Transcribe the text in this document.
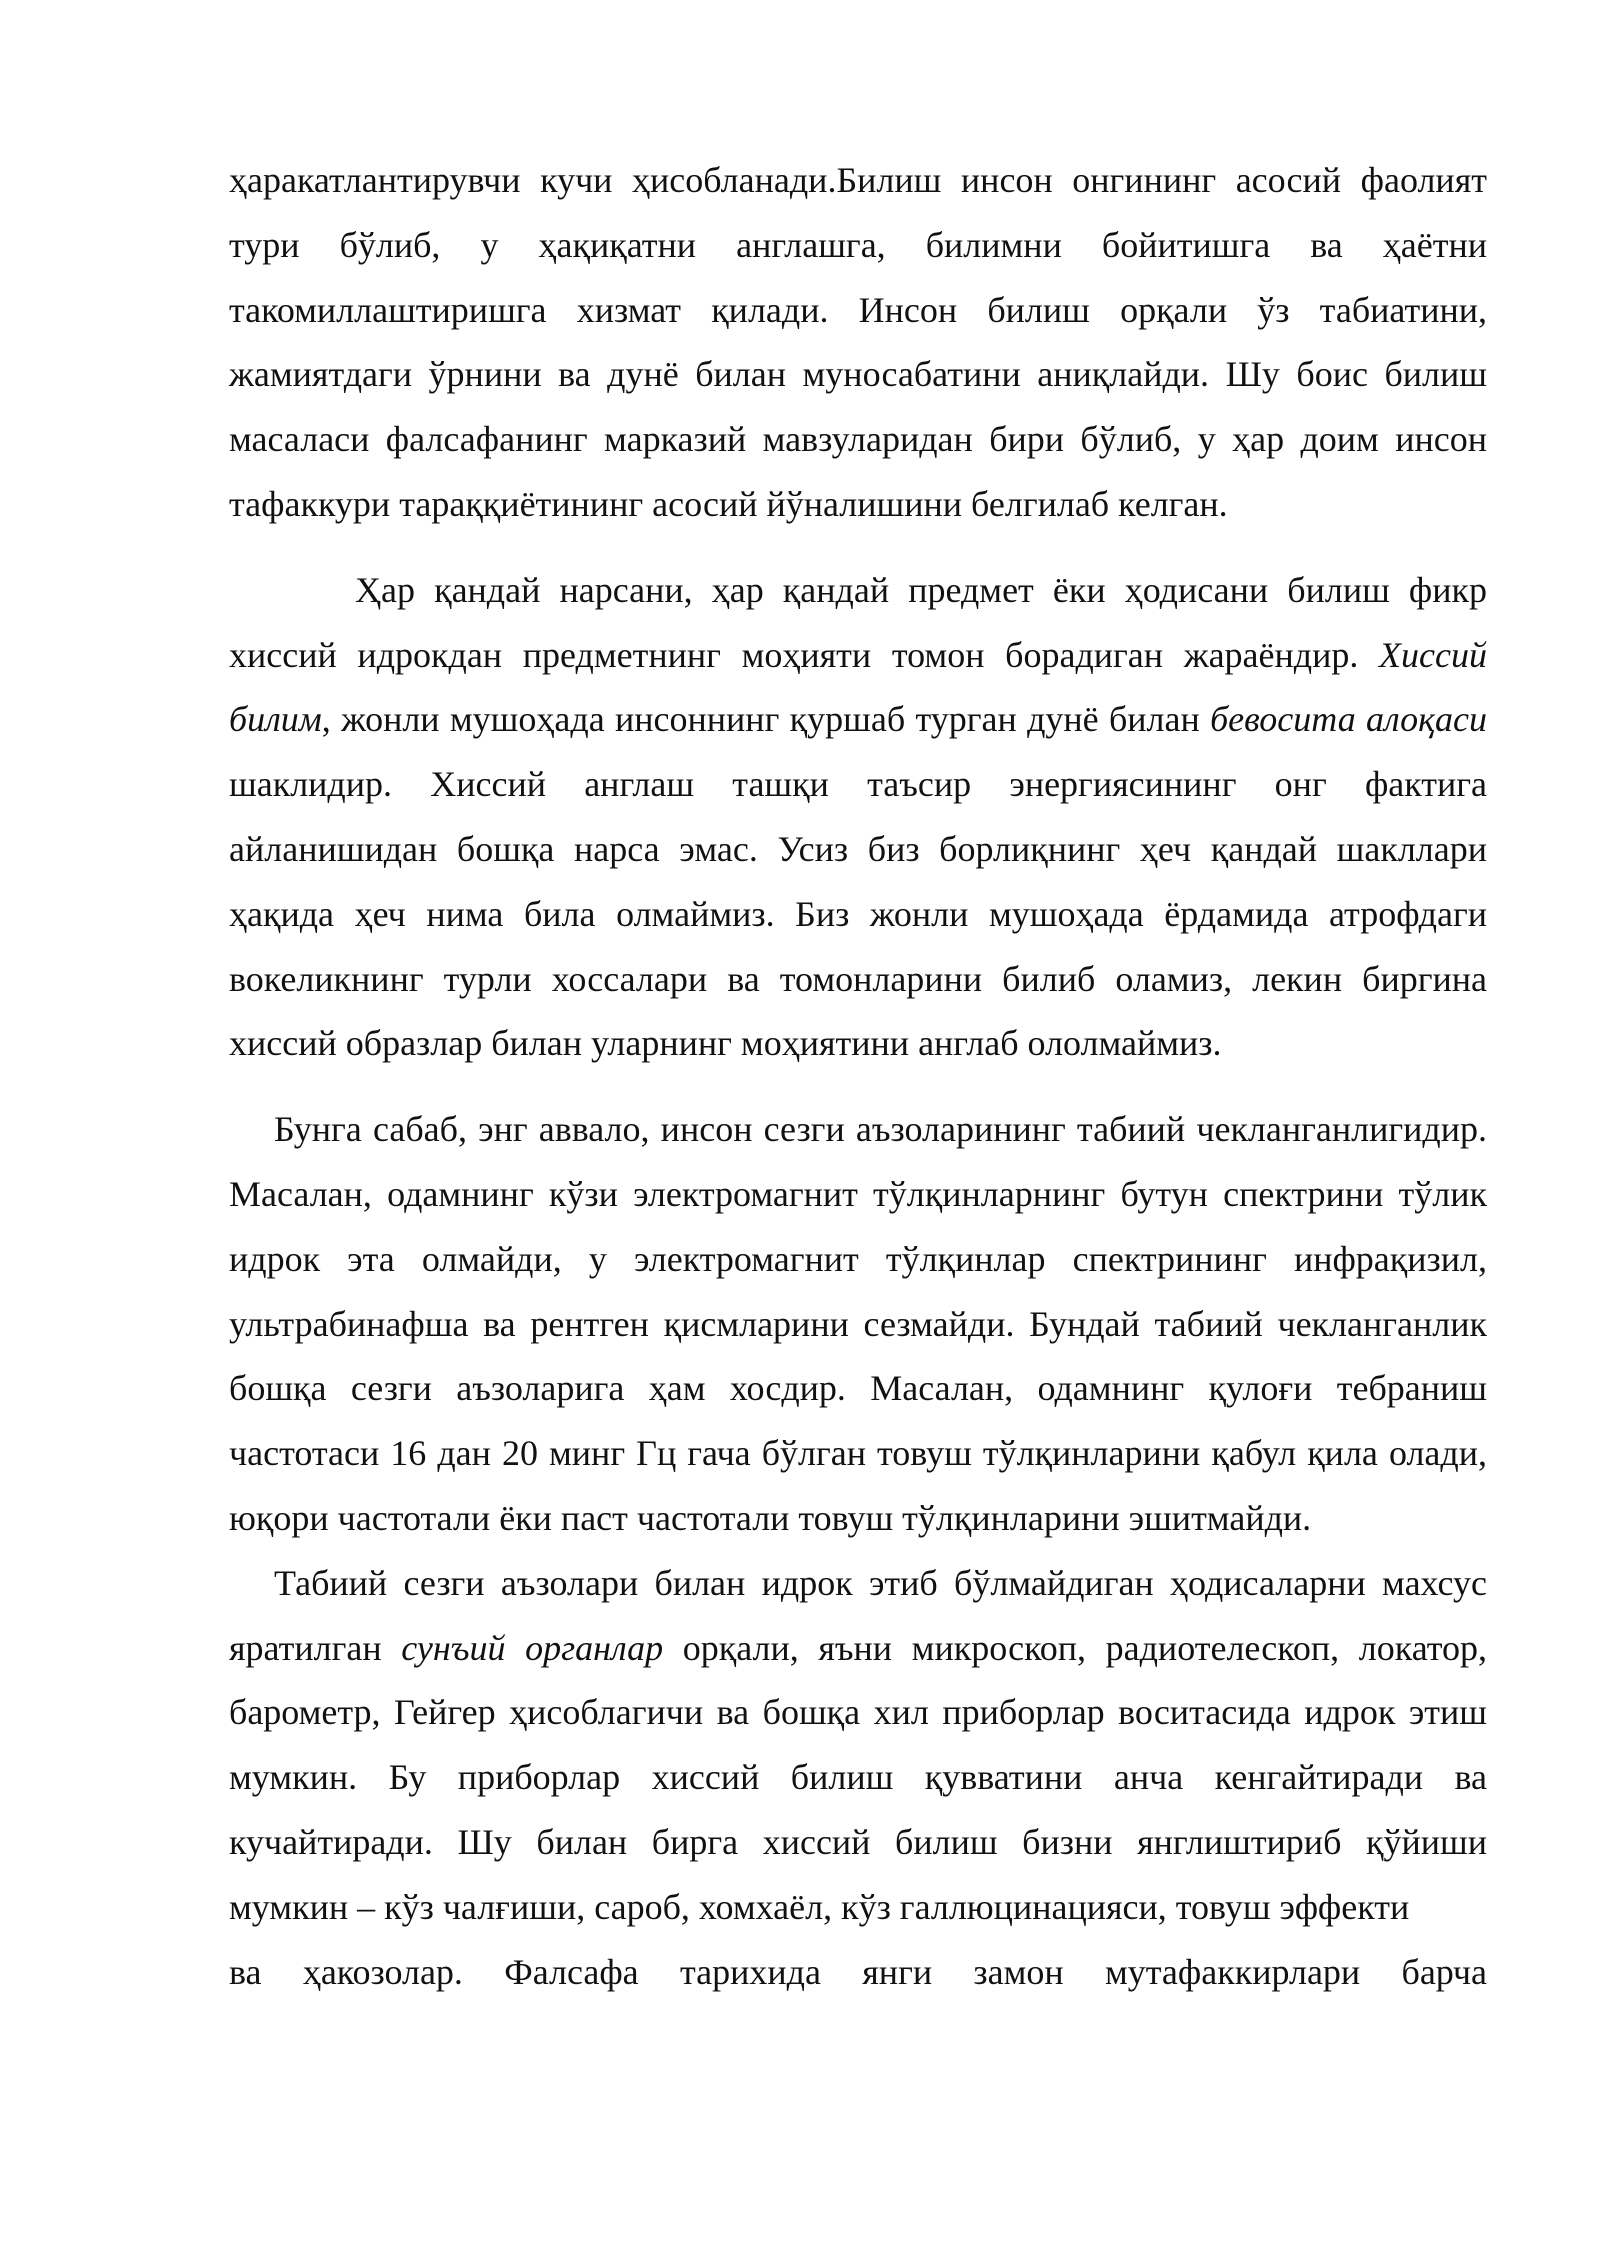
ҳаракатлантирувчи кучи ҳисобланади.Билиш инсон онгининг асосий фаолият тури бўлиб, у ҳақиқатни англашга, билимни бойитишга ва ҳаётни такомиллаштиришга хизмат қилади. Инсон билиш орқали ўз табиатини, жамиятдаги ўрнини ва дунё билан муносабатини аниқлайди. Шу боис билиш масаласи фалсафанинг марказий мавзуларидан бири бўлиб, у ҳар доим инсон тафаккури тараққиётининг асосий йўналишини белгилаб келган.

Ҳар қандай нарсани, ҳар қандай предмет ёки ҳодисани билиш фикр хиссий идрокдан предметнинг моҳияти томон борадиган жараёндир. Хиссий билим, жонли мушоҳада инсоннинг қуршаб турган дунё билан бевосита алоқаси шаклидир. Хиссий англаш ташқи таъсир энергиясининг онг фактига айланишидан бошқа нарса эмас. Усиз биз борлиқнинг ҳеч қандай шакллари ҳақида ҳеч нима била олмаймиз. Биз жонли мушоҳада ёрдамида атрофдаги вокеликнинг турли хоссалари ва томонларини билиб оламиз, лекин биргина хиссий образлар билан уларнинг моҳиятини англаб ололмаймиз.

Бунга сабаб, энг аввало, инсон сезги аъзоларининг табиий чекланганлигидир. Масалан, одамнинг кўзи электромагнит тўлқинларнинг бутун спектрини тўлик идрок эта олмайди, у электромагнит тўлқинлар спектрининг инфрақизил, ультрабинафша ва рентген қисмларини сезмайди. Бундай табиий чекланганлик бошқа сезги аъзоларига ҳам хосдир. Масалан, одамнинг қулоғи тебраниш частотаси 16 дан 20 минг Гц гача бўлган товуш тўлқинларини қабул қила олади, юқори частотали ёки паст частотали товуш тўлқинларини эшитмайди.

Табиий сезги аъзолари билан идрок этиб бўлмайдиган ҳодисаларни махсус яратилган сунъий органлар орқали, яъни микроскоп, радиотелескоп, локатор, барометр, Гейгер ҳисоблагичи ва бошқа хил приборлар воситасида идрок этиш мумкин. Бу приборлар хиссий билиш қувватини анча кенгайтиради ва кучайтиради. Шу билан бирга хиссий билиш бизни янглиштириб қўйиши мумкин – кўз чалғиши, сароб, хомхаёл, кўз галлюцинацияси, товуш эффекти

ва ҳакозолар. Фалсафа тарихида янги замон мутафаккирлари барча
